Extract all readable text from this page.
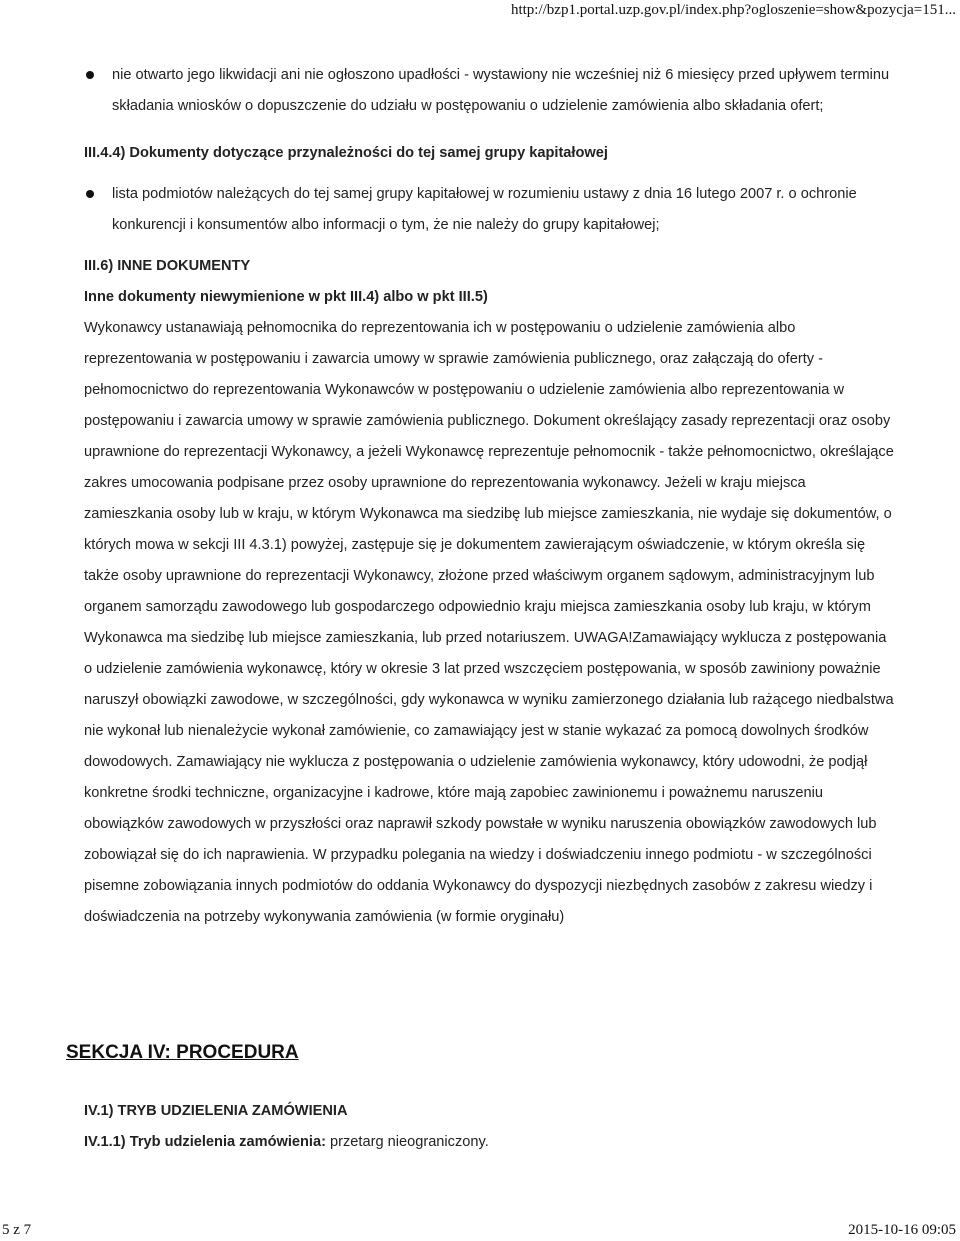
http://bzp1.portal.uzp.gov.pl/index.php?ogloszenie=show&pozycja=151...
nie otwarto jego likwidacji ani nie ogłoszono upadłości - wystawiony nie wcześniej niż 6 miesięcy przed upływem terminu składania wniosków o dopuszczenie do udziału w postępowaniu o udzielenie zamówienia albo składania ofert;
III.4.4) Dokumenty dotyczące przynależności do tej samej grupy kapitałowej
lista podmiotów należących do tej samej grupy kapitałowej w rozumieniu ustawy z dnia 16 lutego 2007 r. o ochronie konkurencji i konsumentów albo informacji o tym, że nie należy do grupy kapitałowej;
III.6) INNE DOKUMENTY
Inne dokumenty niewymienione w pkt III.4) albo w pkt III.5)

Wykonawcy ustanawiają pełnomocnika do reprezentowania ich w postępowaniu o udzielenie zamówienia albo reprezentowania w postępowaniu i zawarcia umowy w sprawie zamówienia publicznego, oraz załączają do oferty - pełnomocnictwo do reprezentowania Wykonawców w postępowaniu o udzielenie zamówienia albo reprezentowania w postępowaniu i zawarcia umowy w sprawie zamówienia publicznego. Dokument określający zasady reprezentacji oraz osoby uprawnione do reprezentacji Wykonawcy, a jeżeli Wykonawcę reprezentuje pełnomocnik - także pełnomocnictwo, określające zakres umocowania podpisane przez osoby uprawnione do reprezentowania wykonawcy. Jeżeli w kraju miejsca zamieszkania osoby lub w kraju, w którym Wykonawca ma siedzibę lub miejsce zamieszkania, nie wydaje się dokumentów, o których mowa w sekcji III 4.3.1) powyżej, zastępuje się je dokumentem zawierającym oświadczenie, w którym określa się także osoby uprawnione do reprezentacji Wykonawcy, złożone przed właściwym organem sądowym, administracyjnym lub organem samorządu zawodowego lub gospodarczego odpowiednio kraju miejsca zamieszkania osoby lub kraju, w którym Wykonawca ma siedzibę lub miejsce zamieszkania, lub przed notariuszem. UWAGA!Zamawiający wyklucza z postępowania o udzielenie zamówienia wykonawcę, który w okresie 3 lat przed wszczęciem postępowania, w sposób zawiniony poważnie naruszył obowiązki zawodowe, w szczególności, gdy wykonawca w wyniku zamierzonego działania lub rażącego niedbalstwa nie wykonał lub nienależycie wykonał zamówienie, co zamawiający jest w stanie wykazać za pomocą dowolnych środków dowodowych. Zamawiający nie wyklucza z postępowania o udzielenie zamówienia wykonawcy, który udowodni, że podjął konkretne środki techniczne, organizacyjne i kadrowe, które mają zapobiec zawinionemu i poważnemu naruszeniu obowiązków zawodowych w przyszłości oraz naprawił szkody powstałe w wyniku naruszenia obowiązków zawodowych lub zobowiązał się do ich naprawienia. W przypadku polegania na wiedzy i doświadczeniu innego podmiotu - w szczególności pisemne zobowiązania innych podmiotów do oddania Wykonawcy do dyspozycji niezbędnych zasobów z zakresu wiedzy i doświadczenia na potrzeby wykonywania zamówienia (w formie oryginału)

SEKCJA IV: PROCEDURA
IV.1) TRYB UDZIELENIA ZAMÓWIENIA
IV.1.1) Tryb udzielenia zamówienia: przetarg nieograniczony.
5 z 7	2015-10-16 09:05
